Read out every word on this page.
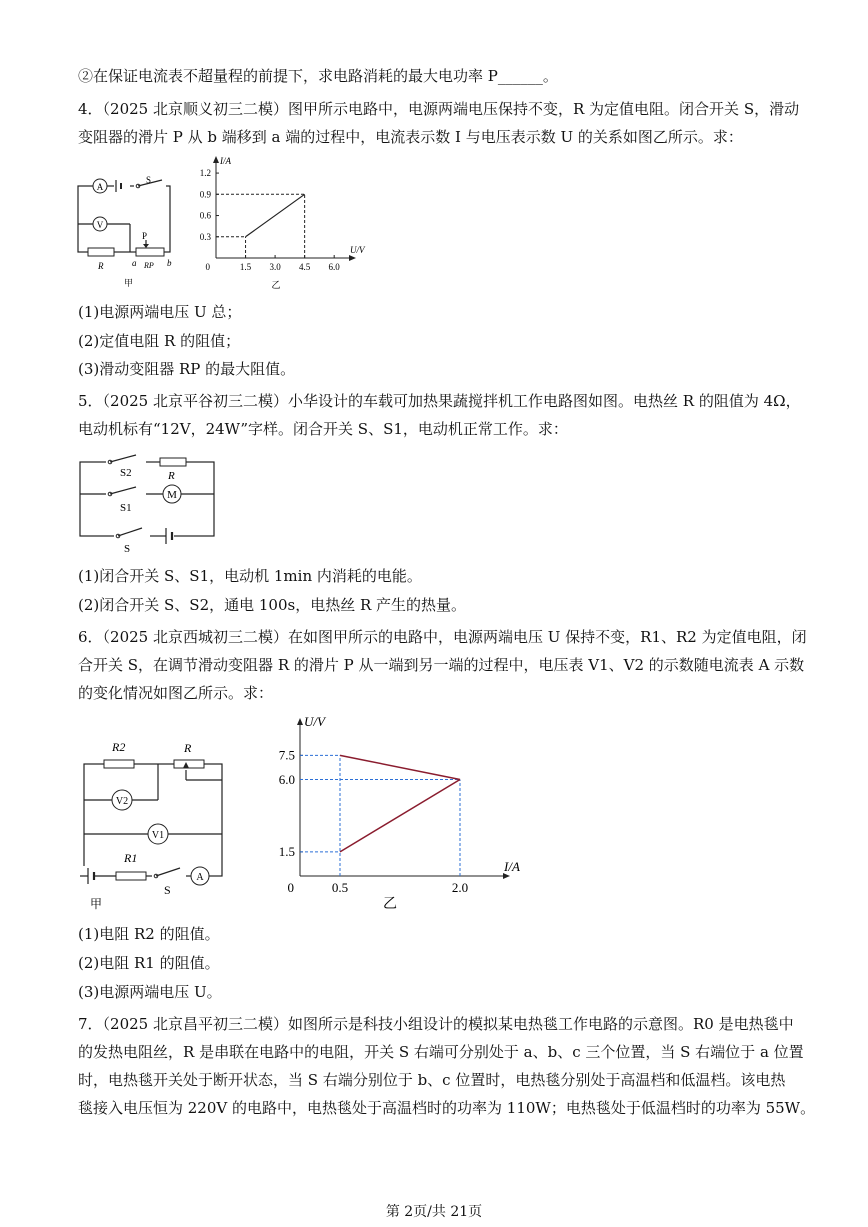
②在保证电流表不超量程的前提下，求电路消耗的最大电功率 P______。
4．（2025 北京顺义初三二模）图甲所示电路中，电源两端电压保持不变，R 为定值电阻。闭合开关 S，滑动
变阻器的滑片 P 从 b 端移到 a 端的过程中，电流表示数 I 与电压表示数 U 的关系如图乙所示。求：
A
V
S
P
R	a RP b
甲
1.5 3.0 4.5 6.0
0.3
0.6
0.9
1.2
0
U/V
I/A
乙
(1)电源两端电压 U 总；
(2)定值电阻 R 的阻值；
(3)滑动变阻器 RP 的最大阻值。
5．（2025 北京平谷初三二模）小华设计的车载可加热果蔬搅拌机工作电路图如图。电热丝 R 的阻值为 4Ω，
电动机标有“12V，24W”字样。闭合开关 S、S1，电动机正常工作。求：
S2	R
S1
M
S
(1)闭合开关 S、S1，电动机 1min 内消耗的电能。
(2)闭合开关 S、S2，通电 100s，电热丝 R 产生的热量。
6．（2025 北京西城初三二模）在如图甲所示的电路中，电源两端电压 U 保持不变，R1、R2 为定值电阻，闭
合开关 S，在调节滑动变阻器 R 的滑片 P 从一端到另一端的过程中，电压表 V1、V2 的示数随电流表 A 示数
的变化情况如图乙所示。求：
R2	R
V2
V1
R1
S
A
甲
0.5	2.0
1.5
6.0
7.5
0
I/A
U/V
乙
(1)电阻 R2 的阻值。
(2)电阻 R1 的阻值。
(3)电源两端电压 U。
7．（2025 北京昌平初三二模）如图所示是科技小组设计的模拟某电热毯工作电路的示意图。R0 是电热毯中
的发热电阻丝，R 是串联在电路中的电阻，开关 S 右端可分别处于 a、b、c 三个位置，当 S 右端位于 a 位置
时，电热毯开关处于断开状态，当 S 右端分别位于 b、c 位置时，电热毯分别处于高温档和低温档。该电热
毯接入电压恒为 220V 的电路中，电热毯处于高温档时的功率为 110W；电热毯处于低温档时的功率为 55W。
第 2页/共 21页
